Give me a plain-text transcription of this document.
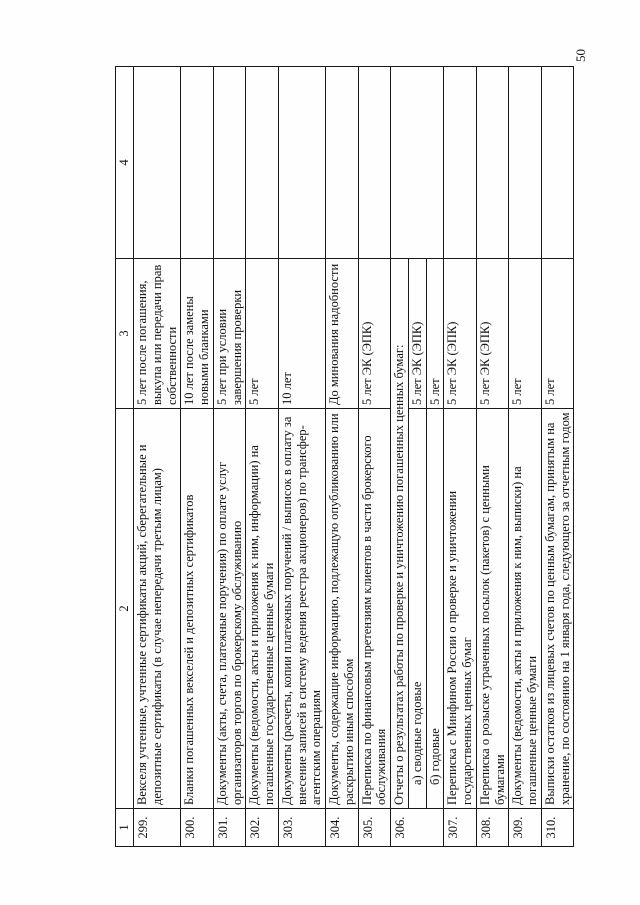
50
1	2	3	4
299.	Векселя учтенные, учтенные сертификаты акций, сберегательные и депозитные сертификаты (в случае непередачи третьим лицам)	5 лет после погашения, выкупа или передачи прав собственности	
300.	Бланки погашенных векселей и депозитных сертификатов	10 лет после замены новыми бланками	
301.	Документы (акты, счета, платежные поручения) по оплате услуг организаторов торгов по брокерскому обслуживанию	5 лет при условии завершения проверки	
302.	Документы (ведомости, акты и приложения к ним, информации) на погашенные государственные ценные бумаги	5 лет	
303.	Документы (расчеты, копии платежных поручений / выписок в оплату за внесение записей в систему ведения реестра акционеров) по трансфер-агентским операциям	10 лет	
304.	Документы, содержащие информацию, подлежащую опубликованию или раскрытию иным способом	До минования надобности	
305.	Переписка по финансовым претензиям клиентов в части брокерского обслуживания	5 лет ЭК (ЭПК)	
306.	Отчеты о результатах работы по проверке и уничтожению погашенных ценных бумаг:		
	а) сводные годовые	5 лет ЭК (ЭПК)	
	б) годовые	5 лет	
307.	Переписка с Минфином России о проверке и уничтожении государственных ценных бумаг	5 лет ЭК (ЭПК)	
308.	Переписка о розыске утраченных посылок (пакетов) с ценными бумагами	5 лет ЭК (ЭПК)	
309.	Документы (ведомости, акты и приложения к ним, выписки) на погашенные ценные бумаги	5 лет	
310.	Выписки остатков из лицевых счетов по ценным бумагам, принятым на хранение, по состоянию на 1 января года, следующего за отчетным годом	5 лет	
